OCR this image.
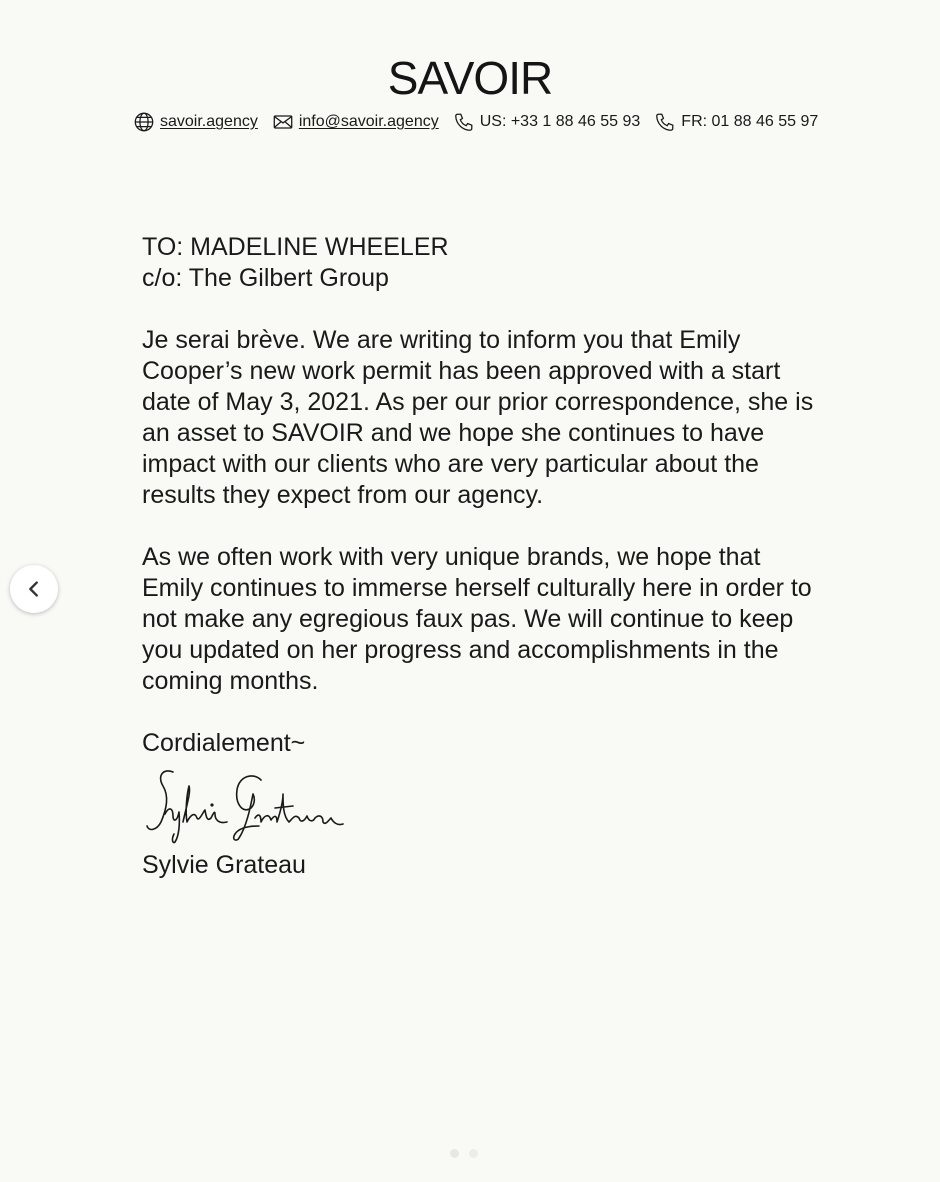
SAVOIR
savoir.agency	info@savoir.agency	US: +33 1 88 46 55 93	FR: 01 88 46 55 97
TO: MADELINE WHEELER
c/o: The Gilbert Group

Je serai brève. We are writing to inform you that Emily Cooper’s new work permit has been approved with a start date of May 3, 2021. As per our prior correspondence, she is an asset to SAVOIR and we hope she continues to have impact with our clients who are very particular about the results they expect from our agency.

As we often work with very unique brands, we hope that Emily continues to immerse herself culturally here in order to not make any egregious faux pas. We will continue to keep you updated on her progress and accomplishments in the coming months.

Cordialement~

Sylvie Grateau
